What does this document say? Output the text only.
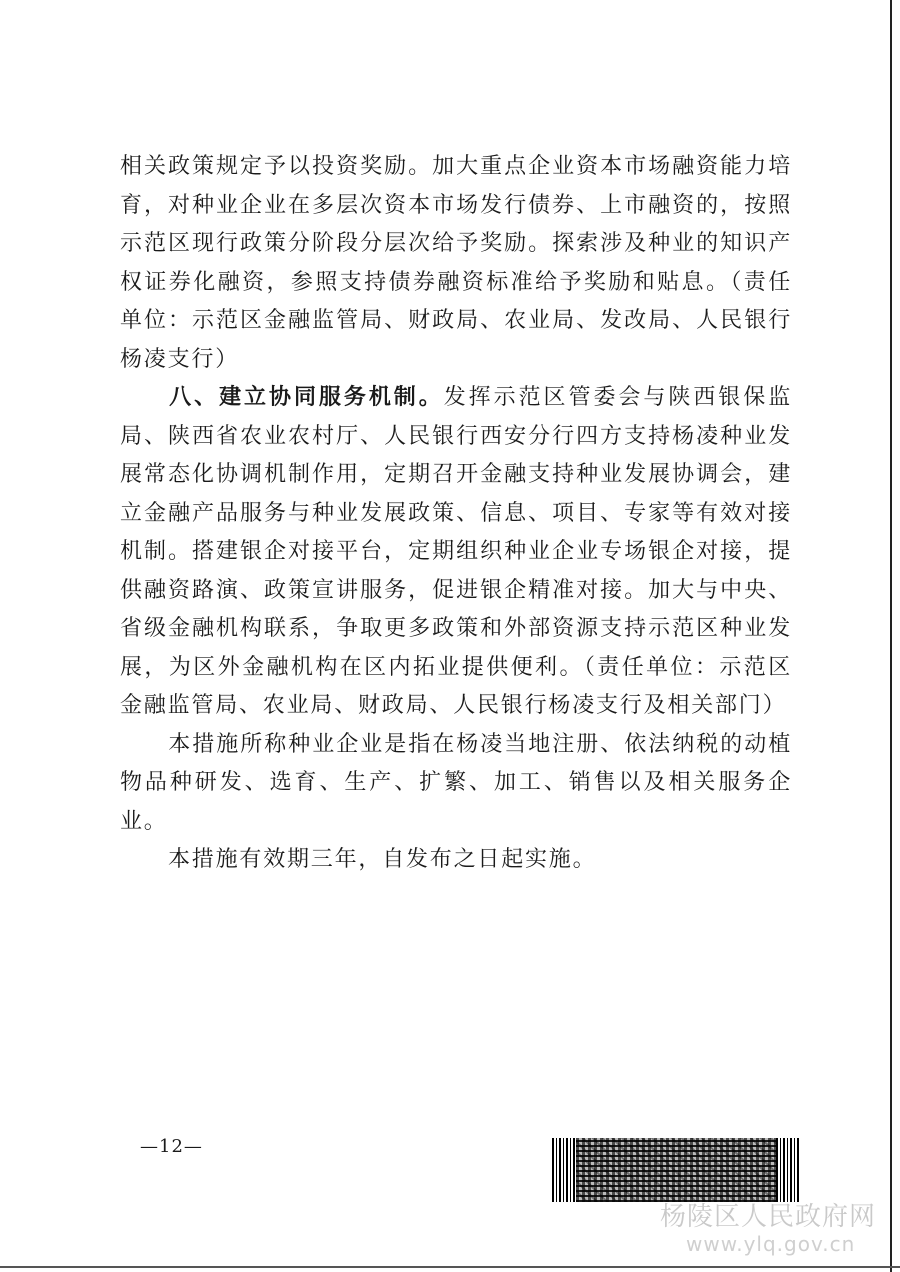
相关政策规定予以投资奖励。加大重点企业资本市场融资能力培育，对种业企业在多层次资本市场发行债券、上市融资的，按照示范区现行政策分阶段分层次给予奖励。探索涉及种业的知识产权证券化融资，参照支持债券融资标准给予奖励和贴息。（责任单位：示范区金融监管局、财政局、农业局、发改局、人民银行杨凌支行）

八、建立协同服务机制。发挥示范区管委会与陕西银保监局、陕西省农业农村厅、人民银行西安分行四方支持杨凌种业发展常态化协调机制作用，定期召开金融支持种业发展协调会，建立金融产品服务与种业发展政策、信息、项目、专家等有效对接机制。搭建银企对接平台，定期组织种业企业专场银企对接，提供融资路演、政策宣讲服务，促进银企精准对接。加大与中央、省级金融机构联系，争取更多政策和外部资源支持示范区种业发展，为区外金融机构在区内拓业提供便利。（责任单位：示范区金融监管局、农业局、财政局、人民银行杨凌支行及相关部门）

本措施所称种业企业是指在杨凌当地注册、依法纳税的动植物品种研发、选育、生产、扩繁、加工、销售以及相关服务企业。

本措施有效期三年，自发布之日起实施。

—12—
杨陵区人民政府网
www.ylq.gov.cn
